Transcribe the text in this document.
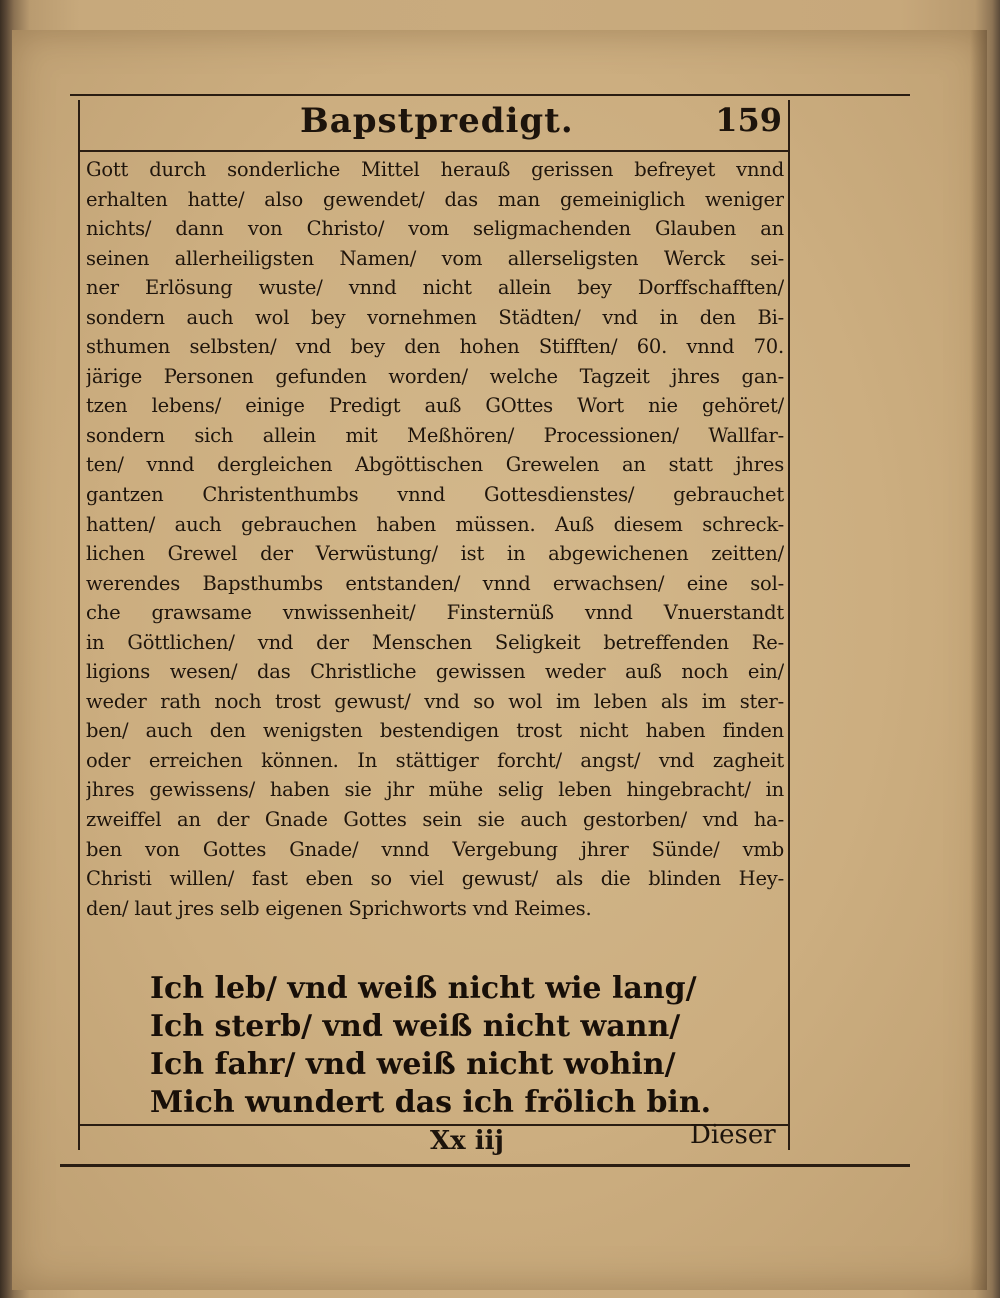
Bapstpredigt.	159
Gott durch sonderliche Mittel herauß gerissen befreyet vnnd
erhalten hatte/ also gewendet/ das man gemeiniglich weniger
nichts/ dann von Christo/ vom seligmachenden Glauben an
seinen allerheiligsten Namen/ vom allerseligsten Werck sei-
ner Erlösung wuste/ vnnd nicht allein bey Dorffschafften/
sondern auch wol bey vornehmen Städten/ vnd in den Bi-
sthumen selbsten/ vnd bey den hohen Stifften/ 60. vnnd 70.
järige Personen gefunden worden/ welche Tagzeit jhres gan-
tzen lebens/ einige Predigt auß GOttes Wort nie gehöret/
sondern sich allein mit Meßhören/ Processionen/ Wallfar-
ten/ vnnd dergleichen Abgöttischen Grewelen an statt jhres
gantzen Christenthumbs vnnd Gottesdienstes/ gebrauchet
hatten/ auch gebrauchen haben müssen. Auß diesem schreck-
lichen Grewel der Verwüstung/ ist in abgewichenen zeitten/
werendes Bapsthumbs entstanden/ vnnd erwachsen/ eine sol-
che grawsame vnwissenheit/ Finsternüß vnnd Vnuerstandt
in Göttlichen/ vnd der Menschen Seligkeit betreffenden Re-
ligions wesen/ das Christliche gewissen weder auß noch ein/
weder rath noch trost gewust/ vnd so wol im leben als im ster-
ben/ auch den wenigsten bestendigen trost nicht haben finden
oder erreichen können. In stättiger forcht/ angst/ vnd zagheit
jhres gewissens/ haben sie jhr mühe selig leben hingebracht/ in
zweiffel an der Gnade Gottes sein sie auch gestorben/ vnd ha-
ben von Gottes Gnade/ vnnd Vergebung jhrer Sünde/ vmb
Christi willen/ fast eben so viel gewust/ als die blinden Hey-
den/ laut jres selb eigenen Sprichworts vnd Reimes.
Ich leb/ vnd weiß nicht wie lang/
Ich sterb/ vnd weiß nicht wann/
Ich fahr/ vnd weiß nicht wohin/
Mich wundert das ich frölich bin.
Xx iij	Dieser
